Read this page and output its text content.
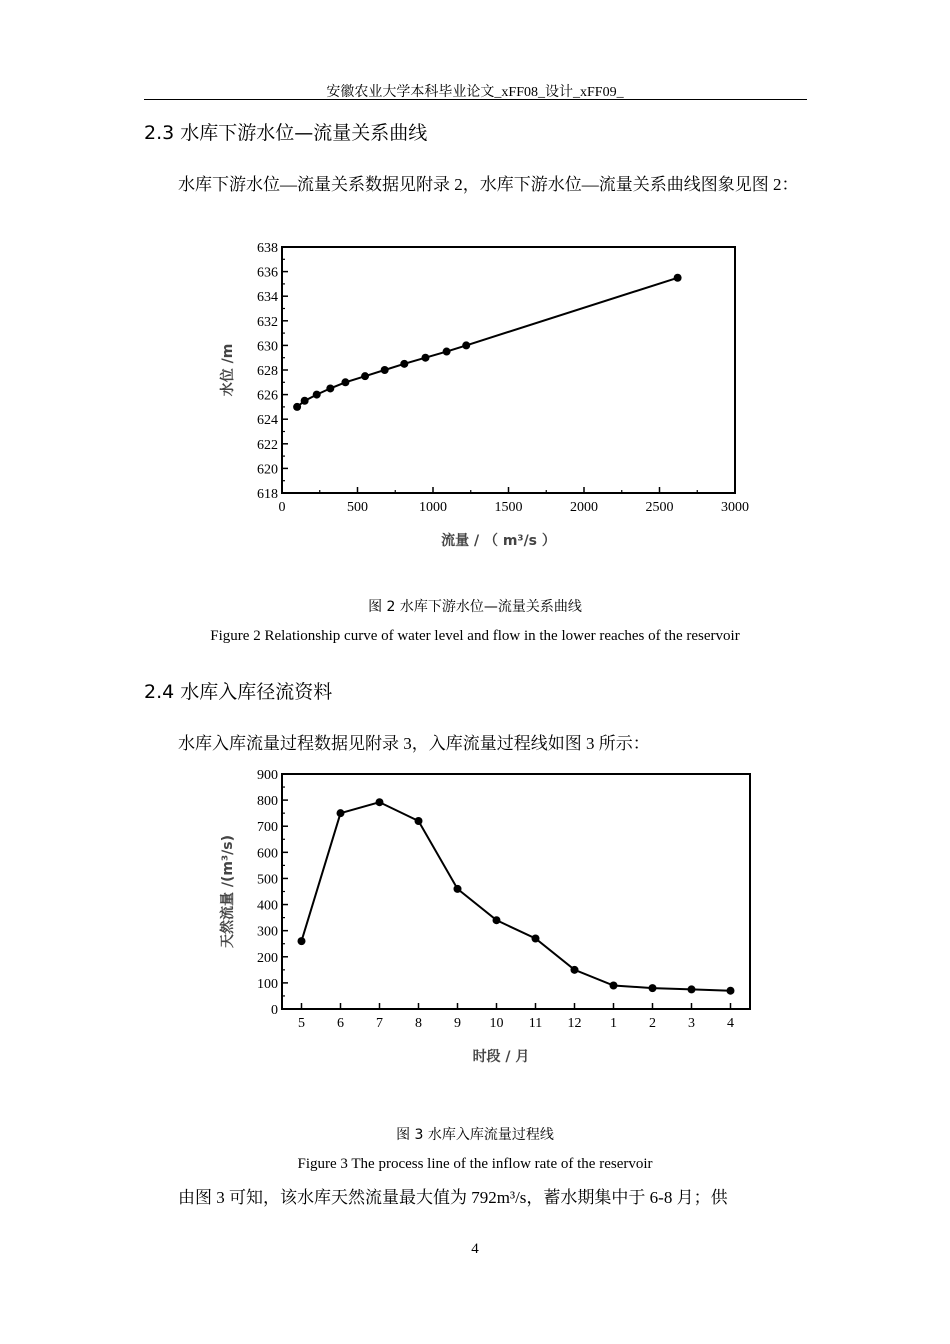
安徽农业大学本科毕业论文_xFF08_设计_xFF09_
2.3 水库下游水位—流量关系曲线
水库下游水位—流量关系数据见附录 2，水库下游水位—流量关系曲线图象见图 2：
618
620
622
624
626
628
630
632
634
636
638
0	500	1000	1500	2000	2500	3000
流量 / （ m³/s ）
水位 /m
图 2 水库下游水位—流量关系曲线
Figure 2 Relationship curve of water level and flow in the lower reaches of the reservoir
2.4 水库入库径流资料
水库入库流量过程数据见附录 3，入库流量过程线如图 3 所示：
0
100
200
300
400
500
600
700
800
900
5 6 7 8 9 10 11 12 1 2 3 4
时段 / 月
天然流量 /(m³/s)
图 3 水库入库流量过程线
Figure 3 The process line of the inflow rate of the reservoir
由图 3 可知，该水库天然流量最大值为 792m³/s，蓄水期集中于 6-8 月；供
4
